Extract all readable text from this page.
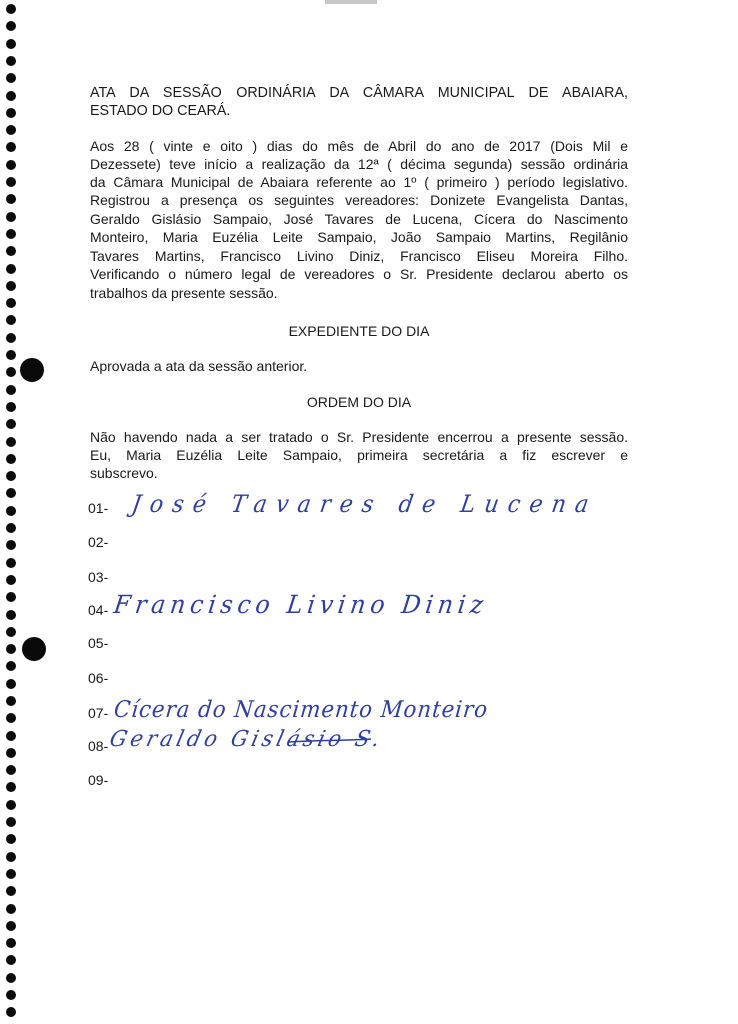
ATA DA SESSÃO ORDINÁRIA DA CÂMARA MUNICIPAL DE ABAIARA,
ESTADO DO CEARÁ.
Aos 28 ( vinte e oito ) dias do mês de Abril do ano de 2017 (Dois Mil e
Dezessete) teve início a realização da 12ª ( décima segunda) sessão ordinária
da Câmara Municipal de Abaiara referente ao 1º ( primeiro ) período legislativo.
Registrou a presença os seguintes vereadores: Donizete Evangelista Dantas,
Geraldo Gislásio Sampaio, José Tavares de Lucena, Cícera do Nascimento
Monteiro, Maria Euzélia Leite Sampaio, João Sampaio Martins, Regilânio
Tavares Martins, Francisco Livino Diniz, Francisco Eliseu Moreira Filho.
Verificando o número legal de vereadores o Sr. Presidente declarou aberto os
trabalhos da presente sessão.
EXPEDIENTE DO DIA
Aprovada a ata da sessão anterior.
ORDEM DO DIA
Não havendo nada a ser tratado o Sr. Presidente encerrou a presente sessão.
Eu, Maria Euzélia Leite Sampaio, primeira secretária a fiz escrever e
subscrevo.
01-
02-
03-
04-
05-
06-
07-
08-
09-
José Tavares de Lucena
Francisco Livino Diniz
Cícera do Nascimento Monteiro
Geraldo Gislásio S.
